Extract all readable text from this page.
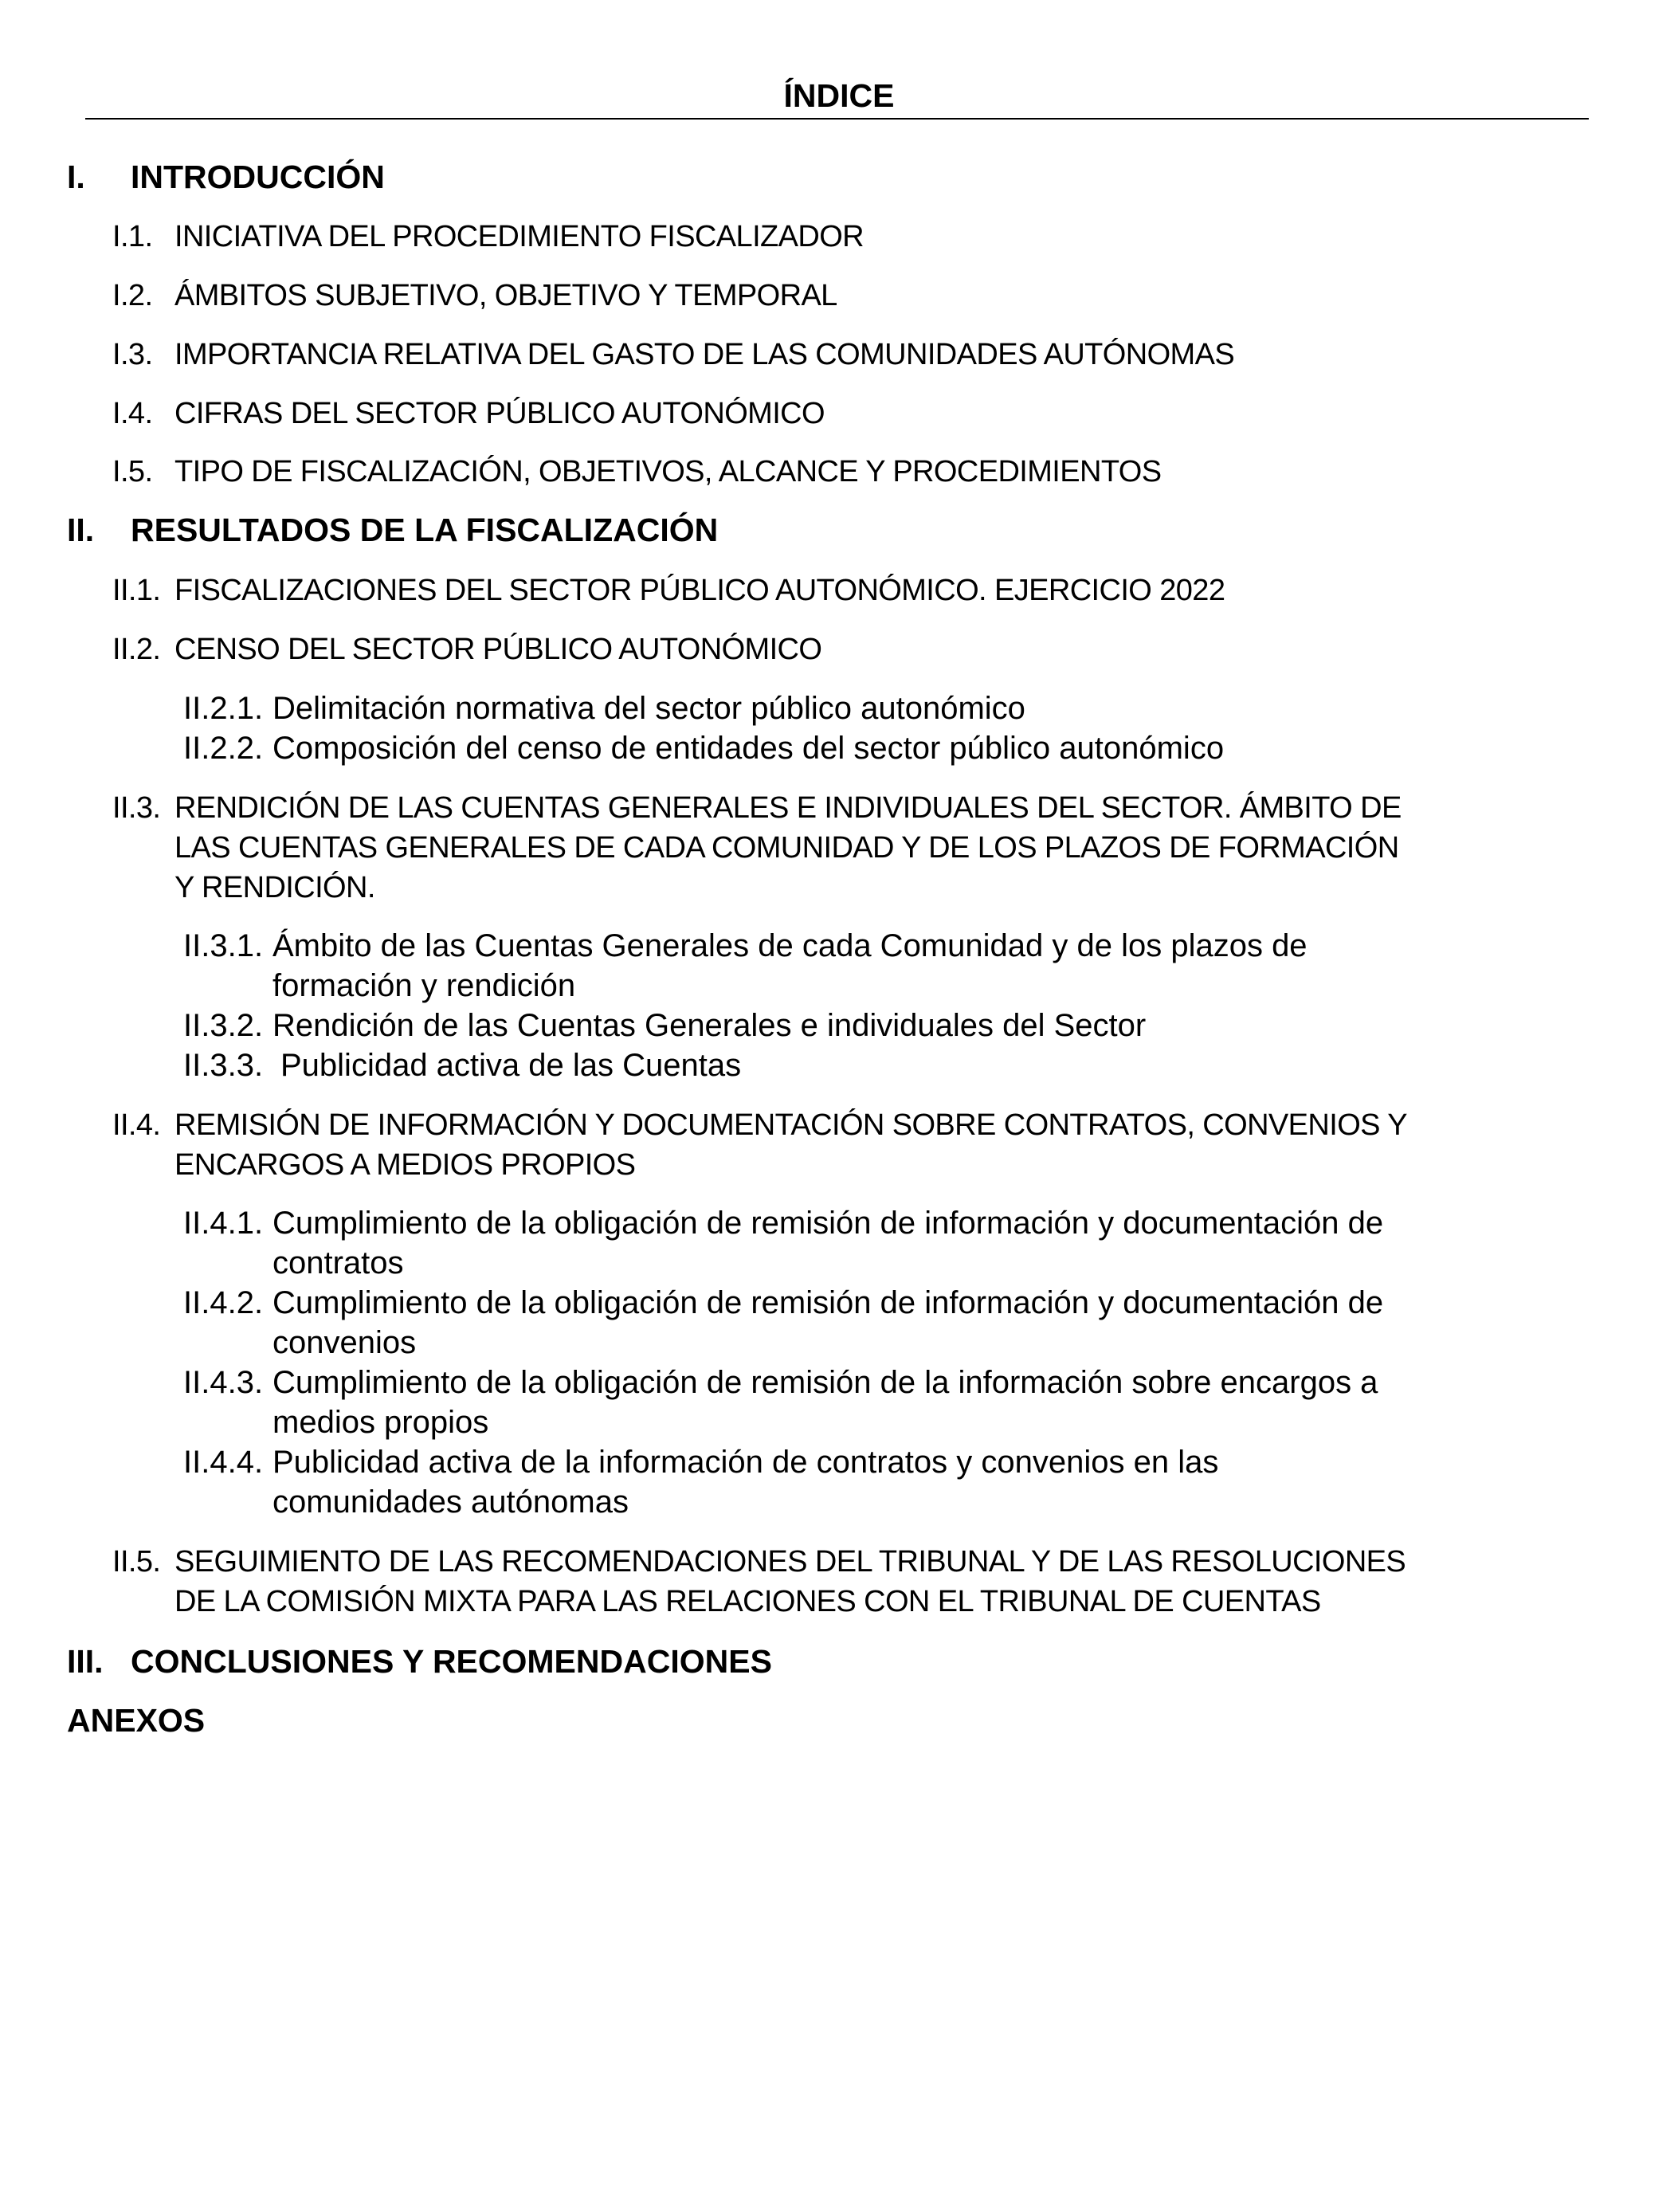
ÍNDICE
I. INTRODUCCIÓN
I.1. INICIATIVA DEL PROCEDIMIENTO FISCALIZADOR
I.2. ÁMBITOS SUBJETIVO, OBJETIVO Y TEMPORAL
I.3. IMPORTANCIA RELATIVA DEL GASTO DE LAS COMUNIDADES AUTÓNOMAS
I.4. CIFRAS DEL SECTOR PÚBLICO AUTONÓMICO
I.5. TIPO DE FISCALIZACIÓN, OBJETIVOS, ALCANCE Y PROCEDIMIENTOS
II. RESULTADOS DE LA FISCALIZACIÓN
II.1. FISCALIZACIONES DEL SECTOR PÚBLICO AUTONÓMICO. EJERCICIO 2022
II.2. CENSO DEL SECTOR PÚBLICO AUTONÓMICO
II.2.1. Delimitación normativa del sector público autonómico
II.2.2. Composición del censo de entidades del sector público autonómico
II.3. RENDICIÓN DE LAS CUENTAS GENERALES E INDIVIDUALES DEL SECTOR. ÁMBITO DE
LAS CUENTAS GENERALES DE CADA COMUNIDAD Y DE LOS PLAZOS DE FORMACIÓN
Y RENDICIÓN.
II.3.1. Ámbito de las Cuentas Generales de cada Comunidad y de los plazos de
formación y rendición
II.3.2. Rendición de las Cuentas Generales e individuales del Sector
II.3.3. Publicidad activa de las Cuentas
II.4. REMISIÓN DE INFORMACIÓN Y DOCUMENTACIÓN SOBRE CONTRATOS, CONVENIOS Y
ENCARGOS A MEDIOS PROPIOS
II.4.1. Cumplimiento de la obligación de remisión de información y documentación de
contratos
II.4.2. Cumplimiento de la obligación de remisión de información y documentación de
convenios
II.4.3. Cumplimiento de la obligación de remisión de la información sobre encargos a
medios propios
II.4.4. Publicidad activa de la información de contratos y convenios en las
comunidades autónomas
II.5. SEGUIMIENTO DE LAS RECOMENDACIONES DEL TRIBUNAL Y DE LAS RESOLUCIONES
DE LA COMISIÓN MIXTA PARA LAS RELACIONES CON EL TRIBUNAL DE CUENTAS
III. CONCLUSIONES Y RECOMENDACIONES
ANEXOS
